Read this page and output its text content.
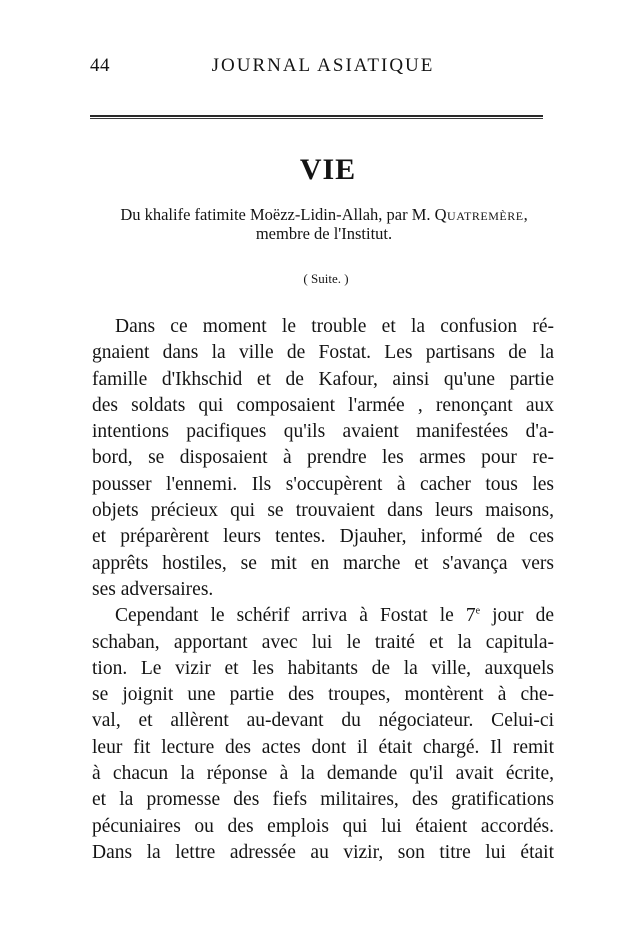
44	JOURNAL ASIATIQUE
VIE
Du khalife fatimite Moëzz-Lidin-Allah, par M. Quatremère,
membre de l'Institut.
( Suite. )
Dans ce moment le trouble et la confusion ré-
gnaient dans la ville de Fostat. Les partisans de la
famille d'Ikhschid et de Kafour, ainsi qu'une partie
des soldats qui composaient l'armée , renonçant aux
intentions pacifiques qu'ils avaient manifestées d'a-
bord, se disposaient à prendre les armes pour re-
pousser l'ennemi. Ils s'occupèrent à cacher tous les
objets précieux qui se trouvaient dans leurs maisons,
et préparèrent leurs tentes. Djauher, informé de ces
apprêts hostiles, se mit en marche et s'avança vers
ses adversaires.
Cependant le schérif arriva à Fostat le 7e jour de
schaban, apportant avec lui le traité et la capitula-
tion. Le vizir et les habitants de la ville, auxquels
se joignit une partie des troupes, montèrent à che-
val, et allèrent au-devant du négociateur. Celui-ci
leur fit lecture des actes dont il était chargé. Il remit
à chacun la réponse à la demande qu'il avait écrite,
et la promesse des fiefs militaires, des gratifications
pécuniaires ou des emplois qui lui étaient accordés.
Dans la lettre adressée au vizir, son titre lui était
